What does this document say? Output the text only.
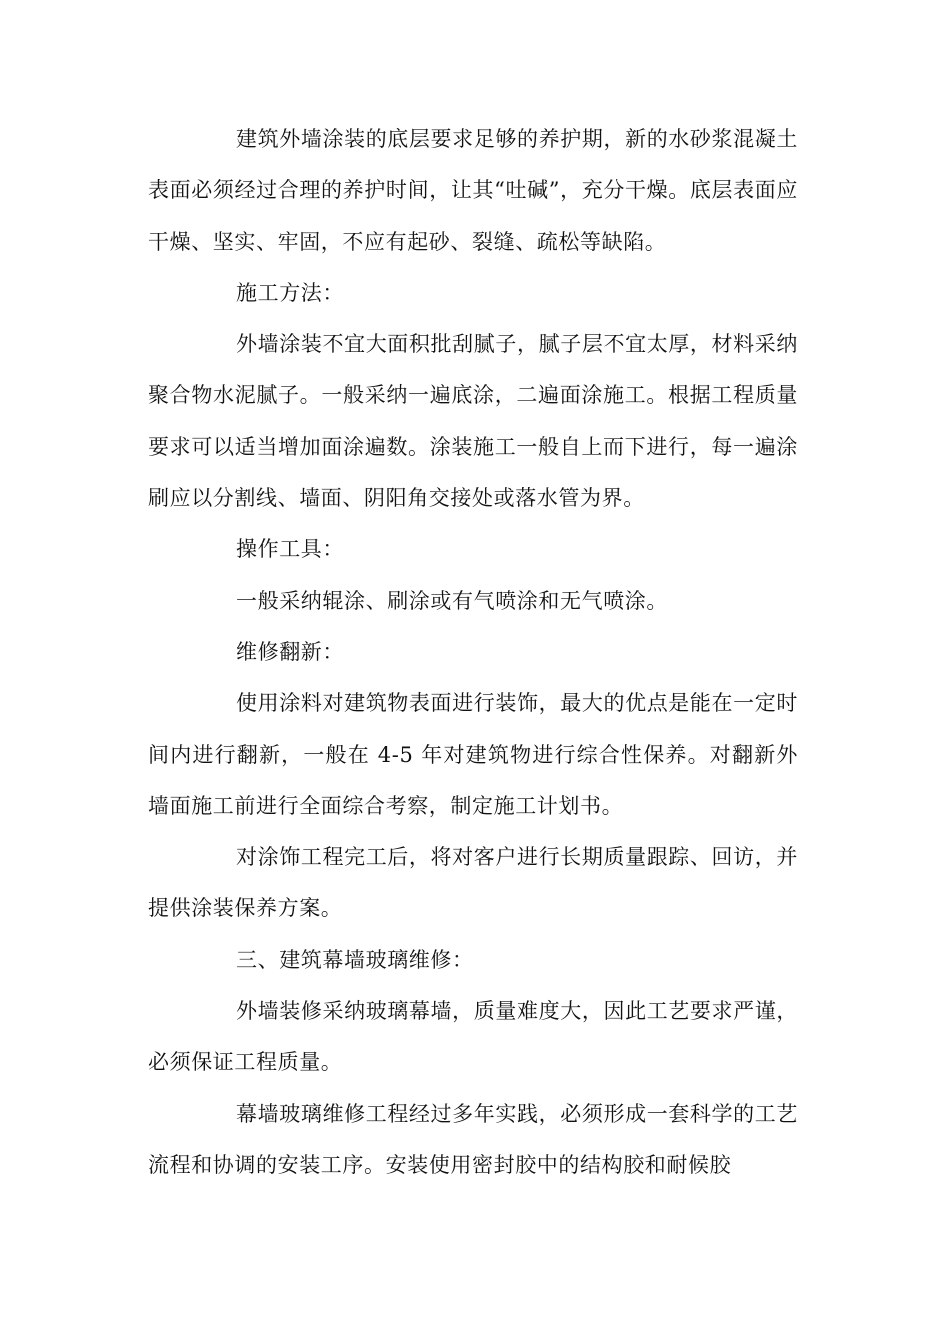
建筑外墙涂装的底层要求足够的养护期，新的水砂浆混凝土表面必须经过合理的养护时间，让其“吐碱”，充分干燥。底层表面应干燥、坚实、牢固，不应有起砂、裂缝、疏松等缺陷。

施工方法：

外墙涂装不宜大面积批刮腻子，腻子层不宜太厚，材料采纳聚合物水泥腻子。一般采纳一遍底涂，二遍面涂施工。根据工程质量要求可以适当增加面涂遍数。涂装施工一般自上而下进行，每一遍涂刷应以分割线、墙面、阴阳角交接处或落水管为界。

操作工具：

一般采纳辊涂、刷涂或有气喷涂和无气喷涂。

维修翻新：

使用涂料对建筑物表面进行装饰，最大的优点是能在一定时间内进行翻新，一般在 4-5 年对建筑物进行综合性保养。对翻新外墙面施工前进行全面综合考察，制定施工计划书。

对涂饰工程完工后，将对客户进行长期质量跟踪、回访，并提供涂装保养方案。

三、建筑幕墙玻璃维修：

外墙装修采纳玻璃幕墙，质量难度大，因此工艺要求严谨，必须保证工程质量。

幕墙玻璃维修工程经过多年实践，必须形成一套科学的工艺流程和协调的安装工序。安装使用密封胶中的结构胶和耐候胶
